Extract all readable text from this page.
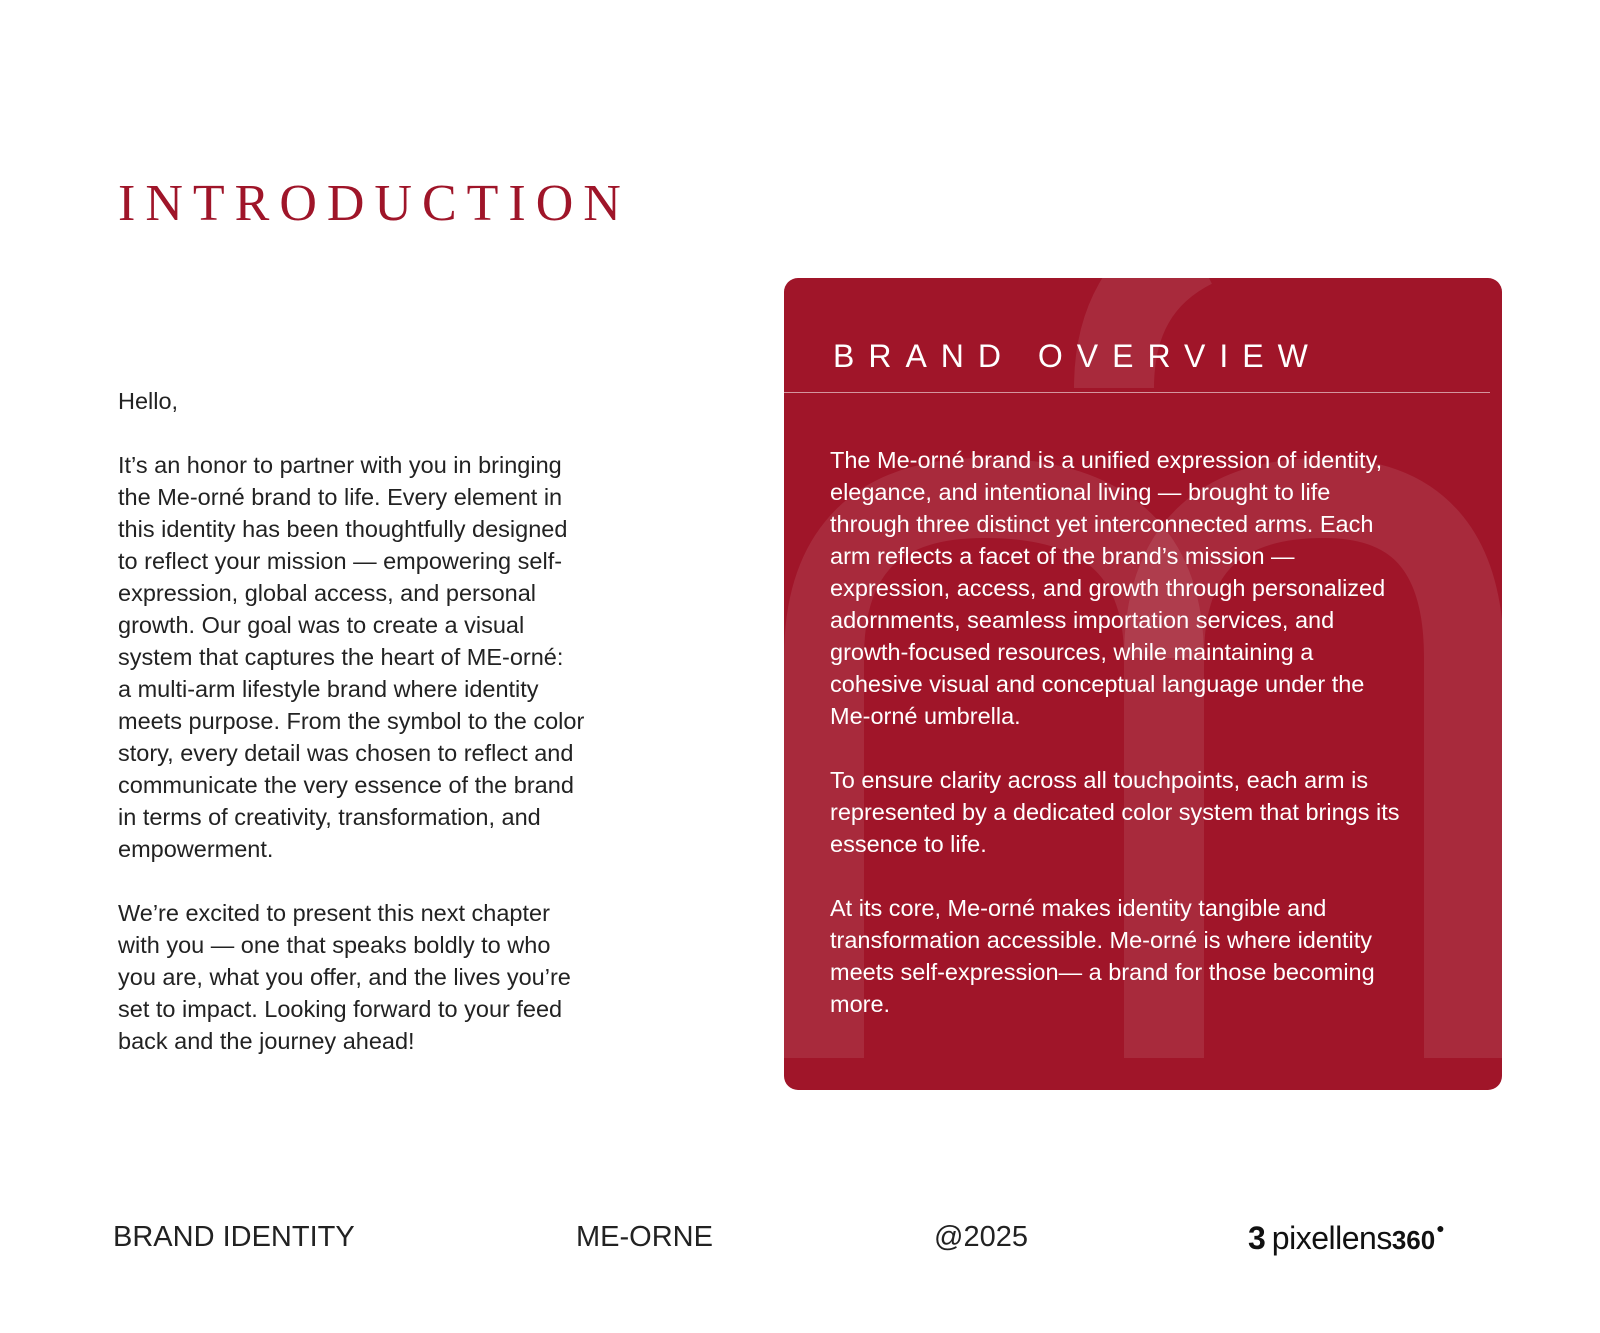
INTRODUCTION

Hello,

It’s an honor to partner with you in bringing
the Me-orné brand to life. Every element in
this identity has been thoughtfully designed
to reflect your mission — empowering self-
expression, global access, and personal
growth. Our goal was to create a visual
system that captures the heart of ME-orné:
a multi-arm lifestyle brand where identity
meets purpose. From the symbol to the color
story, every detail was chosen to reflect and
communicate the very essence of the brand
in terms of creativity, transformation, and
empowerment.

We’re excited to present this next chapter
with you — one that speaks boldly to who
you are, what you offer, and the lives you’re
set to impact. Looking forward to your feed
back and the journey ahead!

BRAND OVERVIEW

The Me-orné brand is a unified expression of identity,
elegance, and intentional living — brought to life
through three distinct yet interconnected arms. Each
arm reflects a facet of the brand’s mission —
expression, access, and growth through personalized
adornments, seamless importation services, and
growth-focused resources, while maintaining a
cohesive visual and conceptual language under the
Me-orné umbrella.

To ensure clarity across all touchpoints, each arm is
represented by a dedicated color system that brings its
essence to life.

At its core, Me-orné makes identity tangible and
transformation accessible. Me-orné is where identity
meets self-expression— a brand for those becoming
more.

BRAND IDENTITY	ME-ORNE	@2025	3 pixellens 360 ●
